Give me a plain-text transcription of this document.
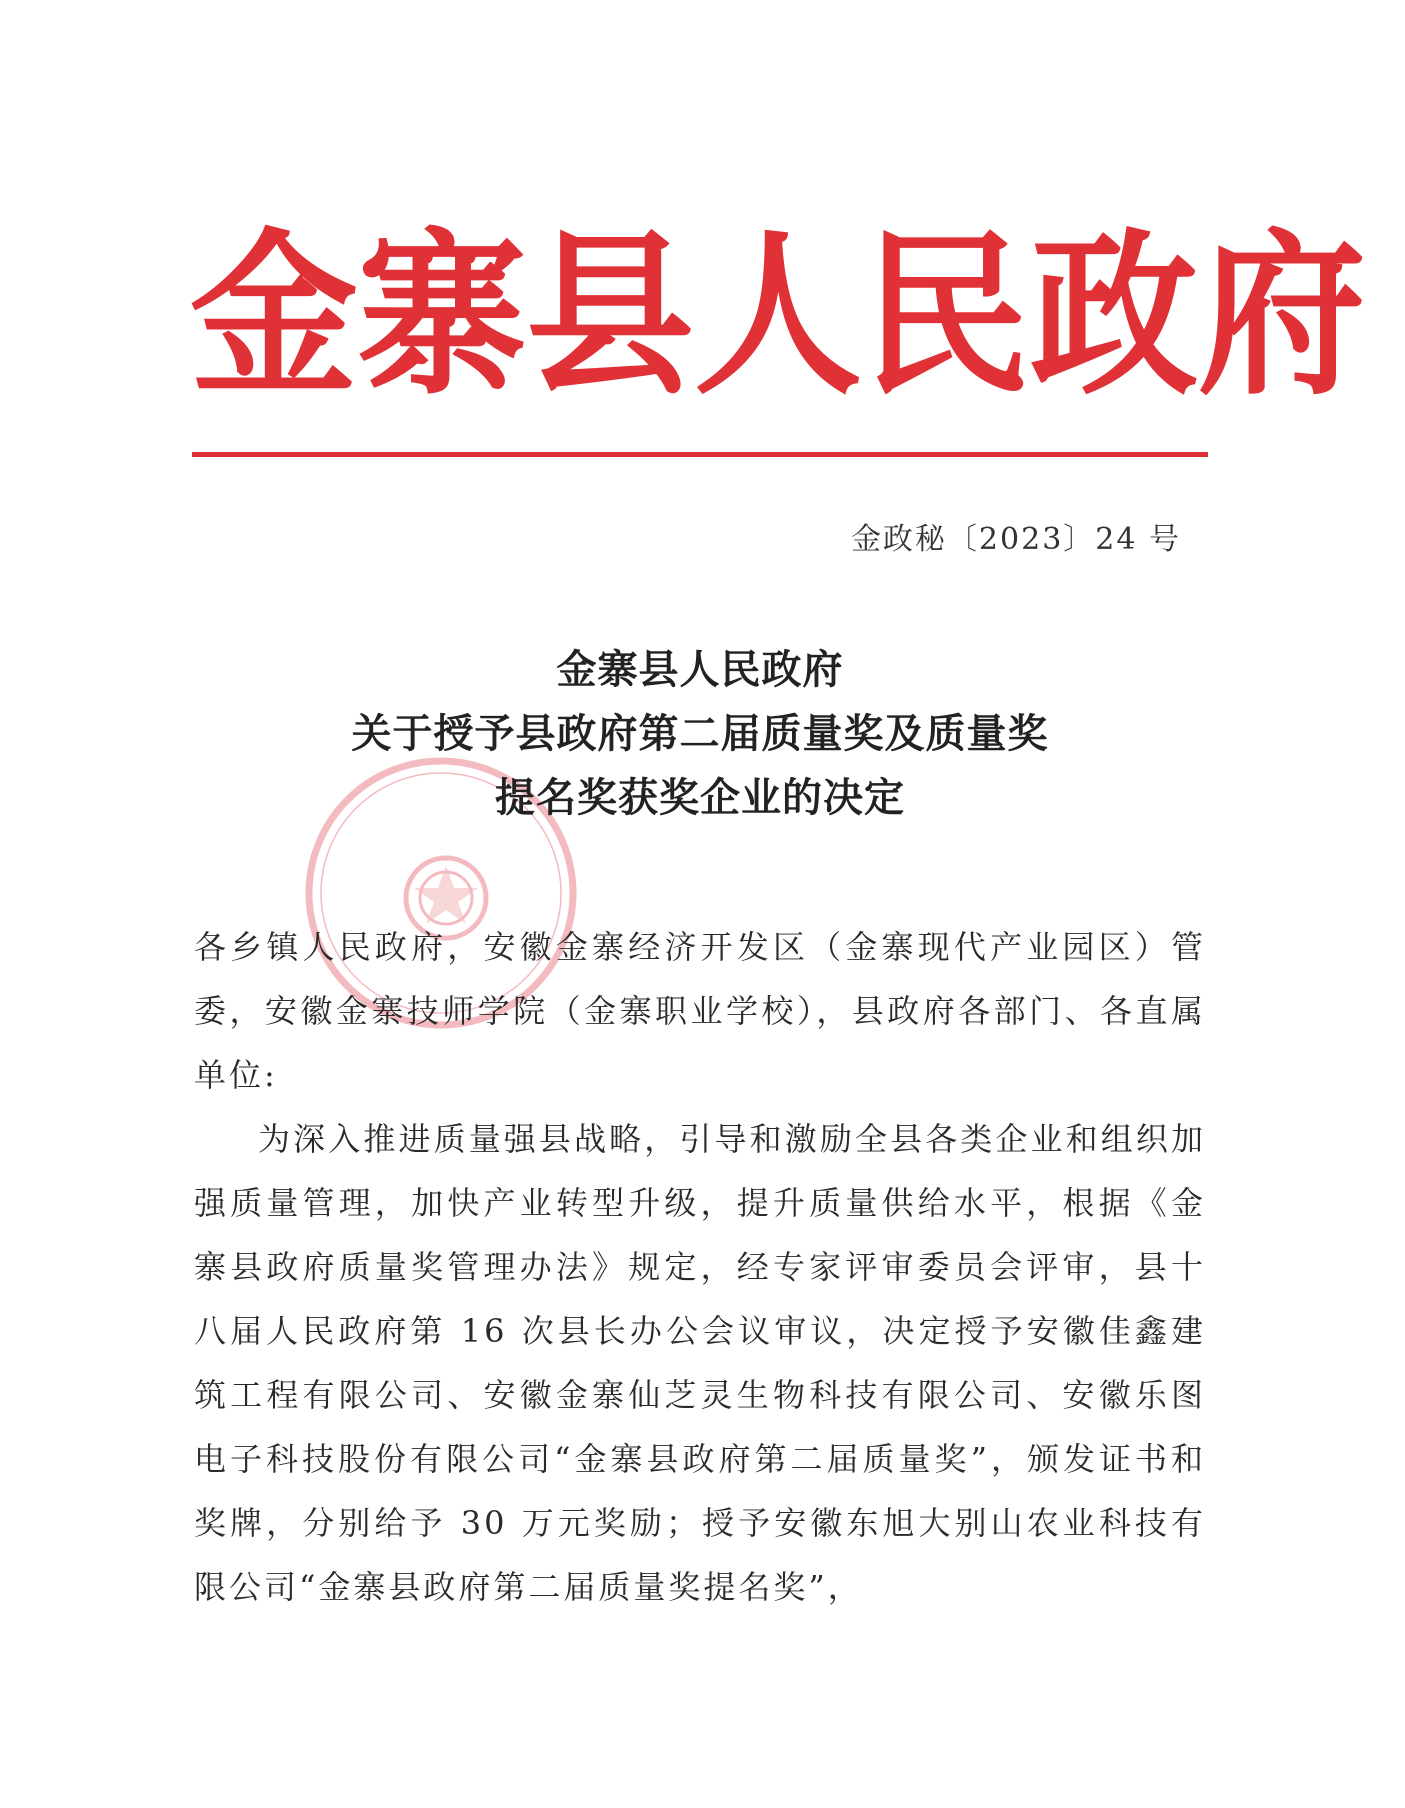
金 寨 县 人 民 政 府
金政秘〔2023〕24 号
金寨县人民政府
关于授予县政府第二届质量奖及质量奖
提名奖获奖企业的决定

各乡镇人民政府，安徽金寨经济开发区（金寨现代产业园区）管委，安徽金寨技师学院（金寨职业学校），县政府各部门、各直属单位:

为深入推进质量强县战略，引导和激励全县各类企业和组织加强质量管理，加快产业转型升级，提升质量供给水平，根据《金寨县政府质量奖管理办法》规定，经专家评审委员会评审，县十八届人民政府第 16 次县长办公会议审议，决定授予安徽佳鑫建筑工程有限公司、安徽金寨仙芝灵生物科技有限公司、安徽乐图电子科技股份有限公司“金寨县政府第二届质量奖”，颁发证书和奖牌，分别给予 30 万元奖励；授予安徽东旭大别山农业科技有限公司“金寨县政府第二届质量奖提名奖”，
